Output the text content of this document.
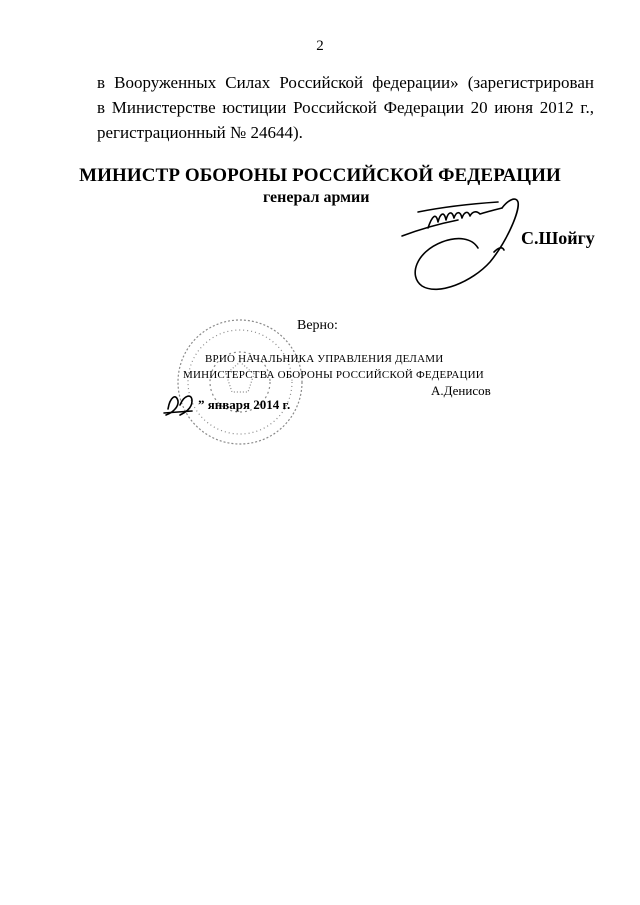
2
в Вооруженных Силах Российской федерации» (зарегистрирован
в Министерстве юстиции Российской Федерации 20 июня 2012 г.,
регистрационный № 24644).
МИНИСТР ОБОРОНЫ РОССИЙСКОЙ ФЕДЕРАЦИИ
генерал армии
С.Шойгу
Верно:
ВРИО НАЧАЛЬНИКА УПРАВЛЕНИЯ ДЕЛАМИ
МИНИСТЕРСТВА ОБОРОНЫ РОССИЙСКОЙ ФЕДЕРАЦИИ
А.Денисов
” января 2014 г.
